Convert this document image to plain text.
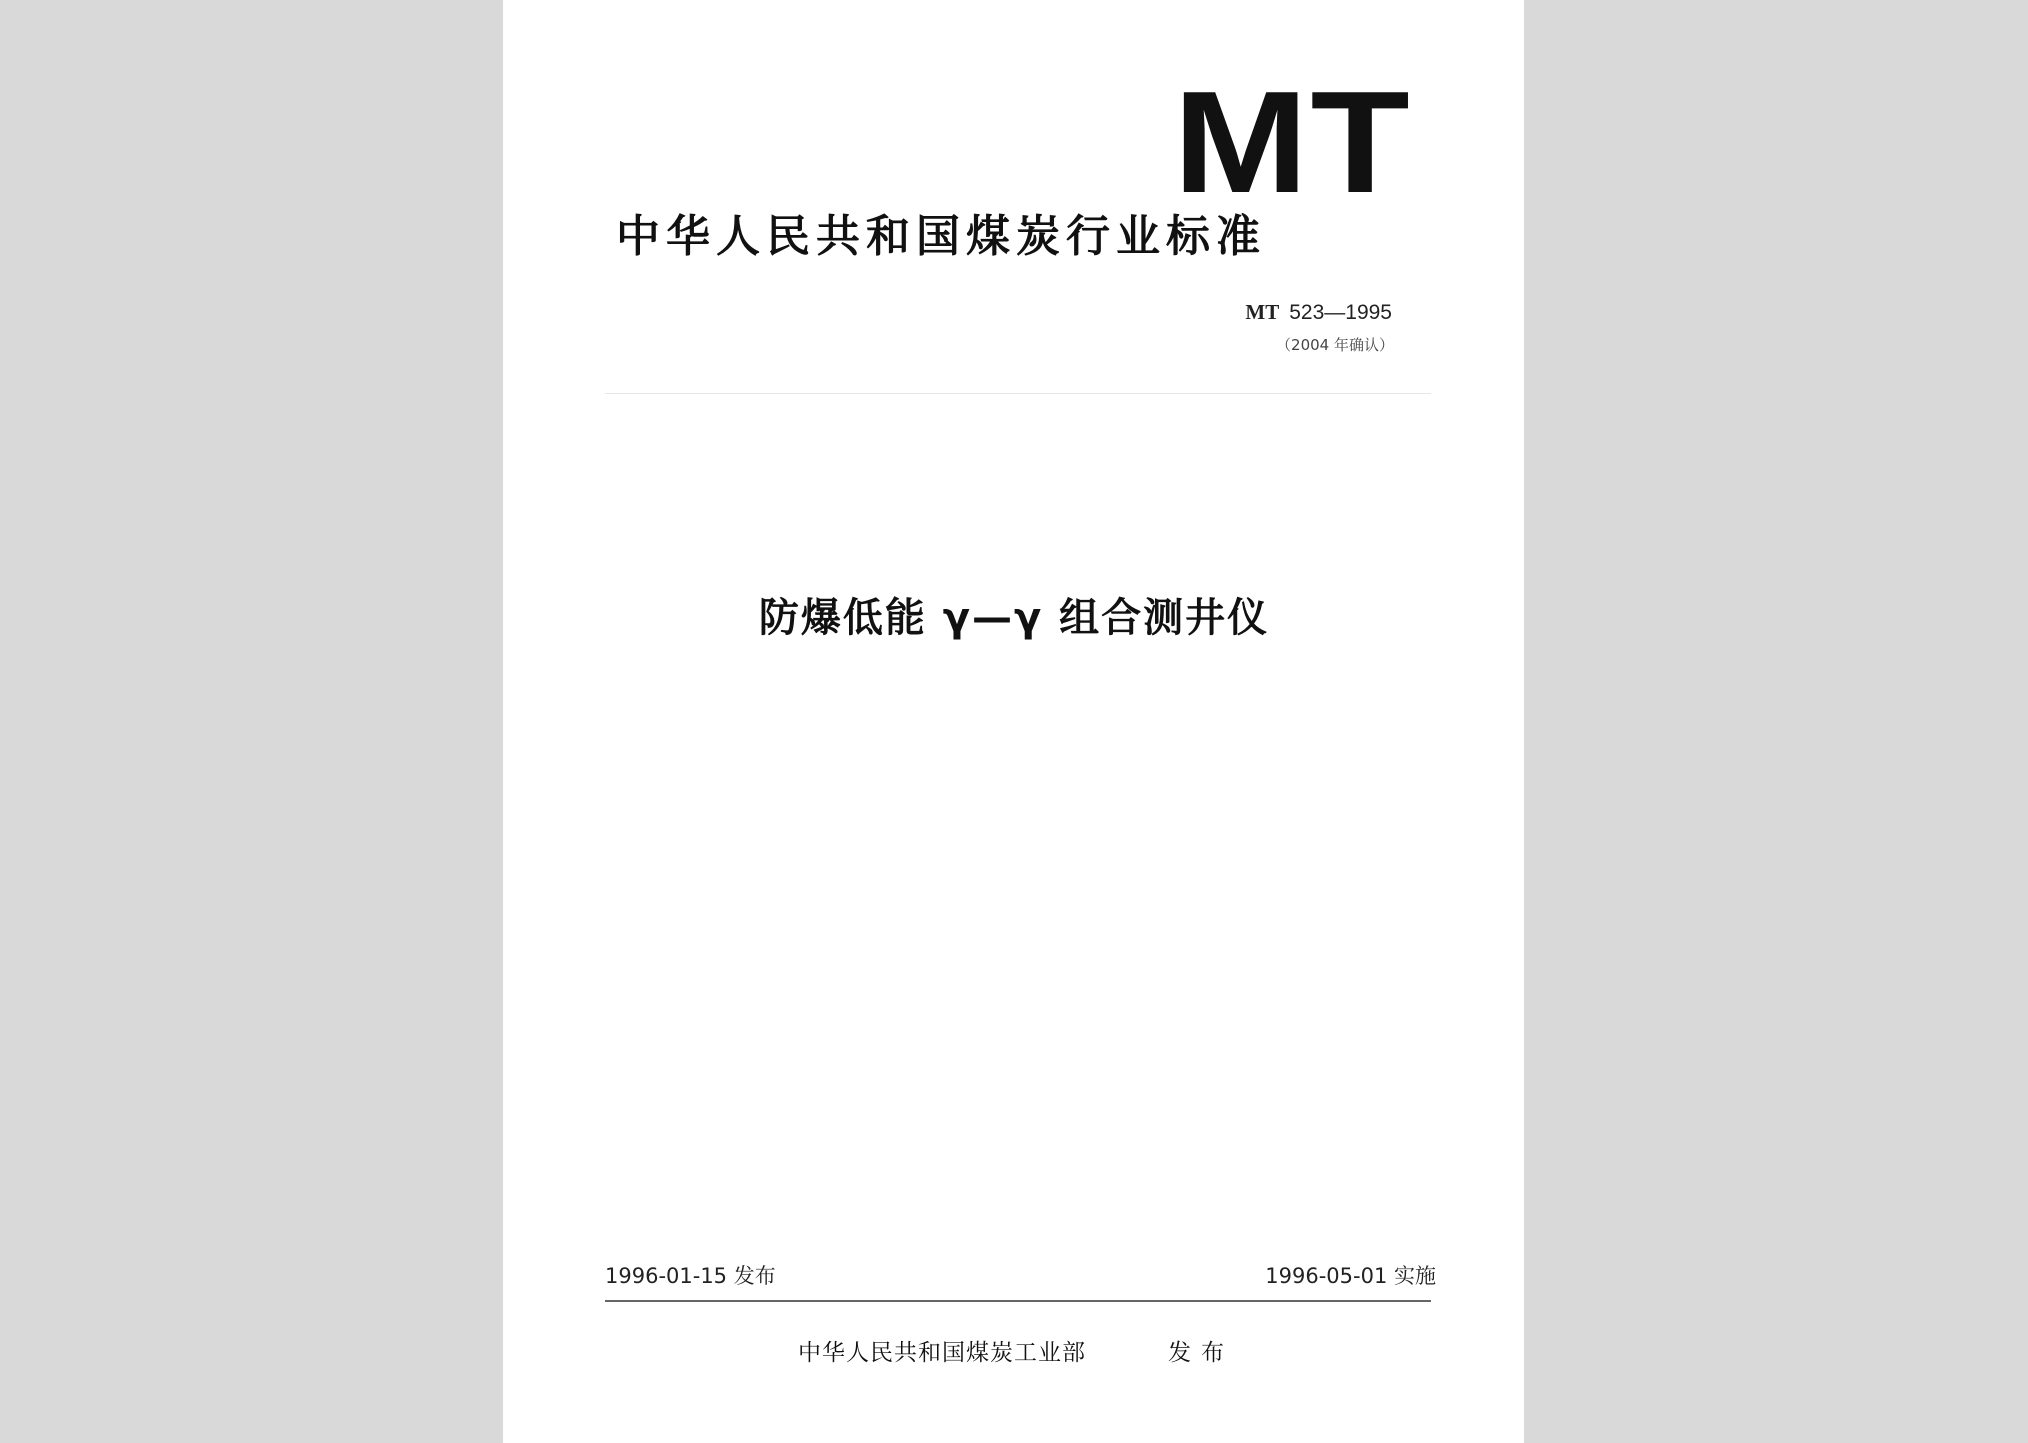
MT
中华人民共和国煤炭行业标准
MT 523—1995
（2004 年确认）
防爆低能 γ—γ 组合测井仪
1996-01-15 发布	1996-05-01 实施
中华人民共和国煤炭工业部	发布
